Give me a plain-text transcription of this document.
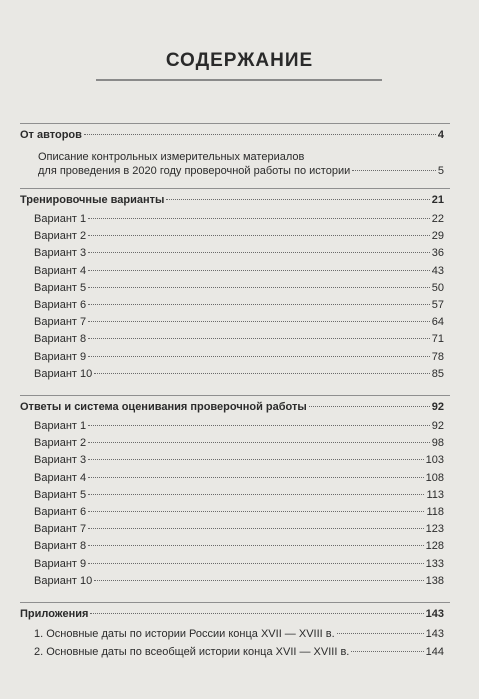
СОДЕРЖАНИЕ
От авторов	4
Описание контрольных измерительных материалов
для проведения в 2020 году проверочной работы по истории	5
Тренировочные варианты	21
Вариант 1	22
Вариант 2	29
Вариант 3	36
Вариант 4	43
Вариант 5	50
Вариант 6	57
Вариант 7	64
Вариант 8	71
Вариант 9	78
Вариант 10	85
Ответы и система оценивания проверочной работы	92
Вариант 1	92
Вариант 2	98
Вариант 3	103
Вариант 4	108
Вариант 5	113
Вариант 6	118
Вариант 7	123
Вариант 8	128
Вариант 9	133
Вариант 10	138
Приложения	143
1. Основные даты по истории России конца XVII — XVIII в.	143
2. Основные даты по всеобщей истории конца XVII — XVIII в.	144
